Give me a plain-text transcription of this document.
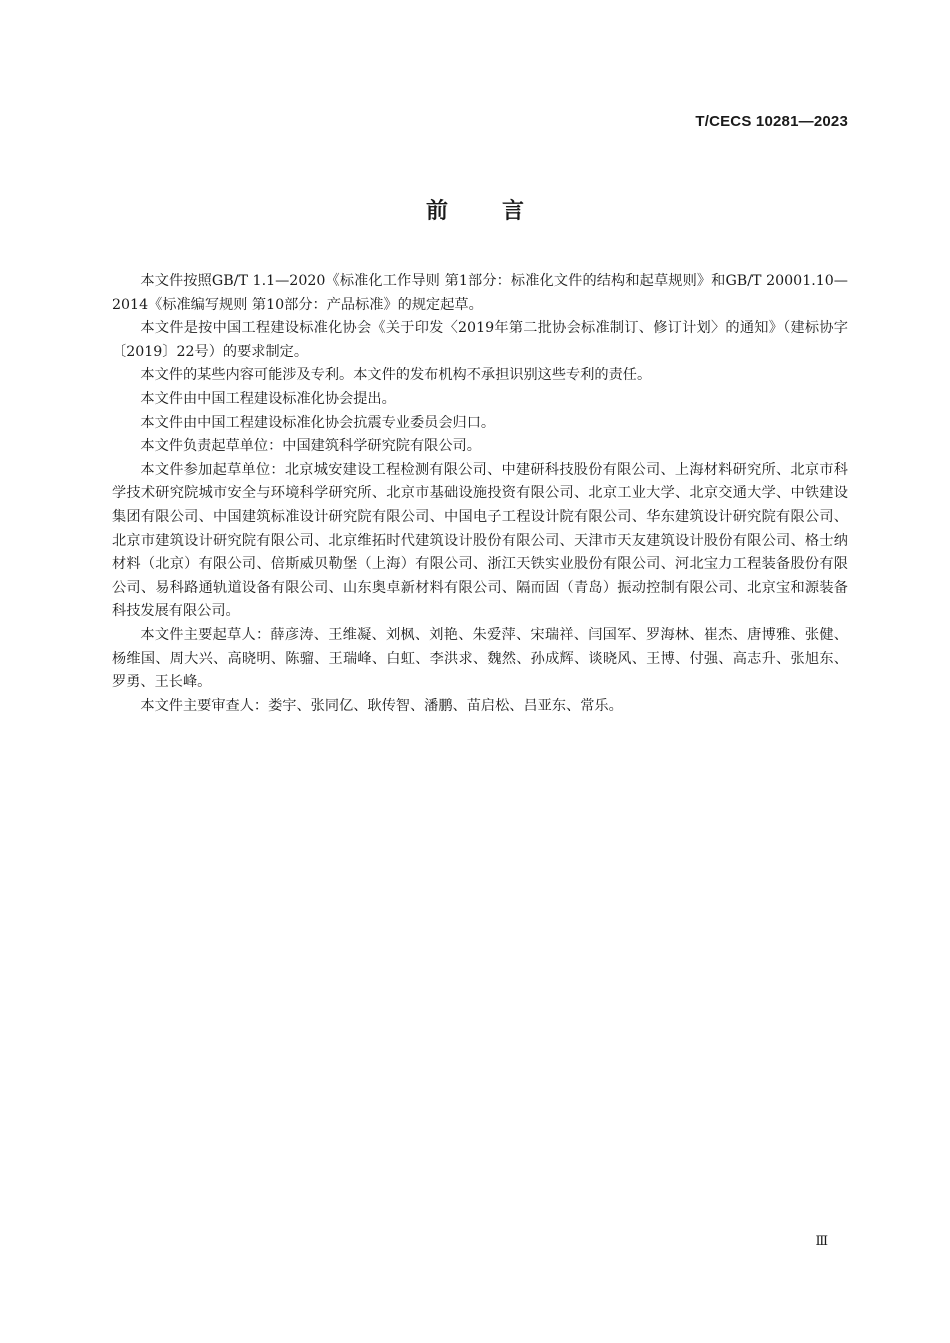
T/CECS 10281—2023
前 言

本文件按照GB/T 1.1—2020《标准化工作导则 第1部分：标准化文件的结构和起草规则》和GB/T 20001.10—2014《标准编写规则 第10部分：产品标准》的规定起草。

本文件是按中国工程建设标准化协会《关于印发〈2019年第二批协会标准制订、修订计划〉的通知》（建标协字〔2019〕22号）的要求制定。

本文件的某些内容可能涉及专利。本文件的发布机构不承担识别这些专利的责任。

本文件由中国工程建设标准化协会提出。

本文件由中国工程建设标准化协会抗震专业委员会归口。

本文件负责起草单位：中国建筑科学研究院有限公司。

本文件参加起草单位：北京城安建设工程检测有限公司、中建研科技股份有限公司、上海材料研究所、北京市科学技术研究院城市安全与环境科学研究所、北京市基础设施投资有限公司、北京工业大学、北京交通大学、中铁建设集团有限公司、中国建筑标准设计研究院有限公司、中国电子工程设计院有限公司、华东建筑设计研究院有限公司、北京市建筑设计研究院有限公司、北京维拓时代建筑设计股份有限公司、天津市天友建筑设计股份有限公司、格士纳材料（北京）有限公司、倍斯威贝勒堡（上海）有限公司、浙江天铁实业股份有限公司、河北宝力工程装备股份有限公司、易科路通轨道设备有限公司、山东奥卓新材料有限公司、隔而固（青岛）振动控制有限公司、北京宝和源装备科技发展有限公司。

本文件主要起草人：薛彦涛、王维凝、刘枫、刘艳、朱爱萍、宋瑞祥、闫国军、罗海林、崔杰、唐博雅、张健、杨维国、周大兴、高晓明、陈骝、王瑞峰、白虹、李洪求、魏然、孙成辉、谈晓风、王博、付强、高志升、张旭东、罗勇、王长峰。

本文件主要审查人：娄宇、张同亿、耿传智、潘鹏、苗启松、吕亚东、常乐。

Ⅲ
